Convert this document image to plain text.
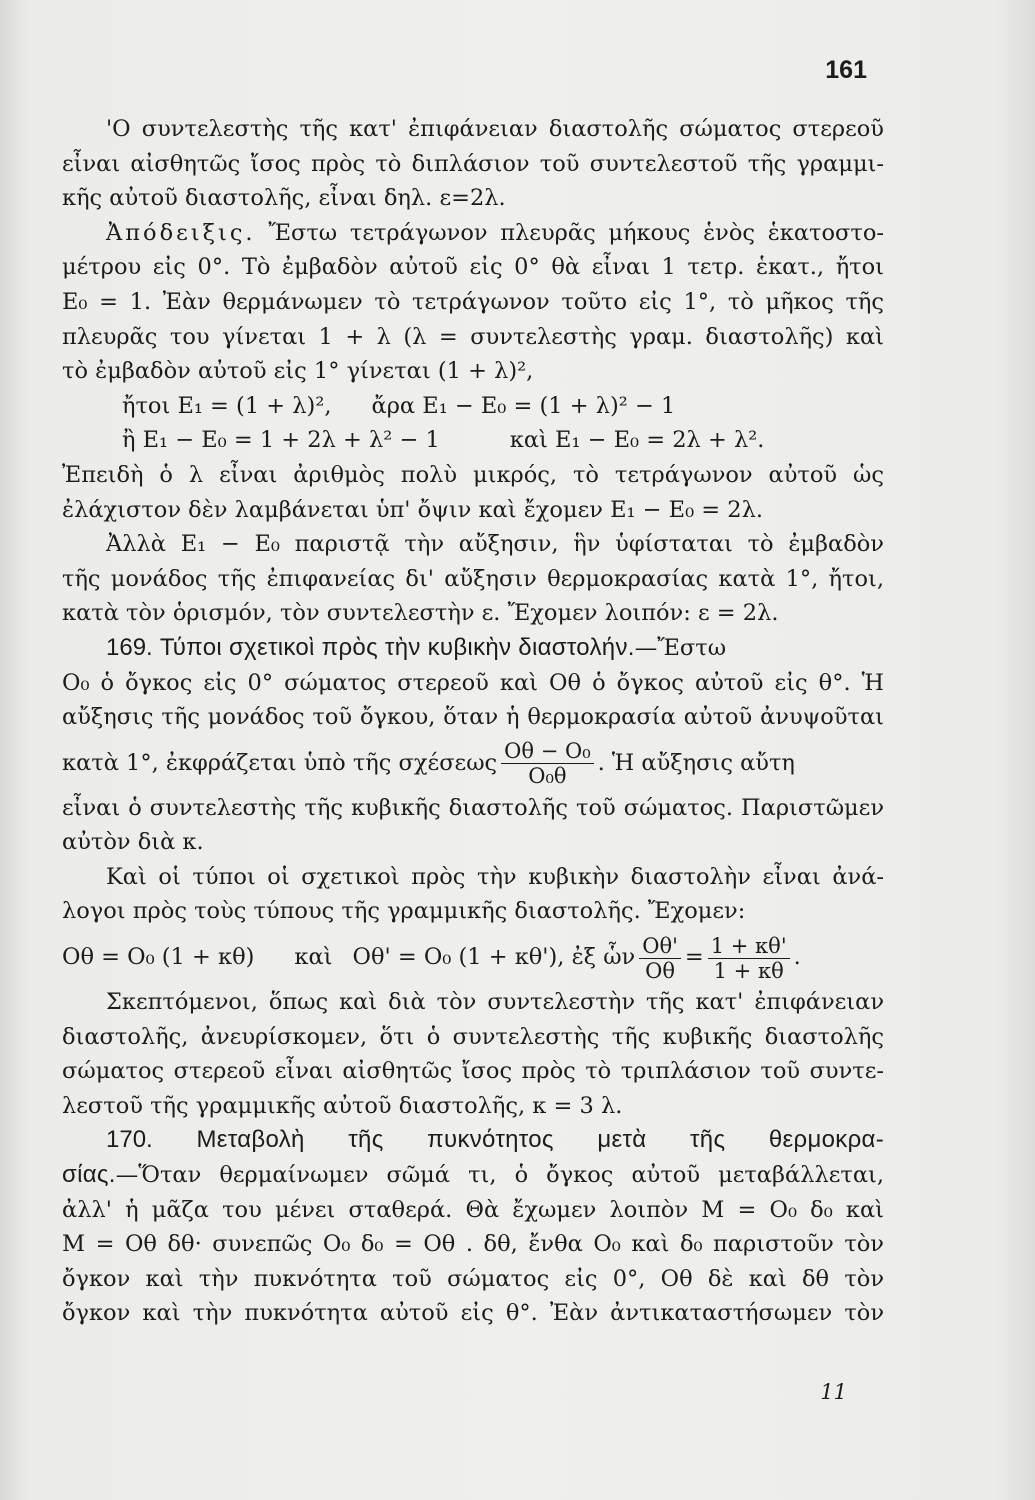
161
'Ο συντελεστὴς τῆς κατ' ἐπιφάνειαν διαστολῆς σώματος στερεοῦ
εἶναι αἰσθητῶς ἴσος πρὸς τὸ διπλάσιον τοῦ συντελεστοῦ τῆς γραμμι-
κῆς αὐτοῦ διαστολῆς, εἶναι δηλ. ε=2λ.
Ἀπόδειξις. Ἔστω τετράγωνον πλευρᾶς μήκους ἑνὸς ἑκατοστο-
μέτρου εἰς 0°. Τὸ ἐμβαδὸν αὐτοῦ εἰς 0° θὰ εἶναι 1 τετρ. ἑκατ., ἤτοι
E₀ = 1. Ἐὰν θερμάνωμεν τὸ τετράγωνον τοῦτο εἰς 1°, τὸ μῆκος τῆς
πλευρᾶς του γίνεται 1 + λ (λ = συντελεστὴς γραμ. διαστολῆς) καὶ
τὸ ἐμβαδὸν αὐτοῦ εἰς 1° γίνεται (1 + λ)²,
ἤτοι E₁ = (1 + λ)², ἄρα E₁ − E₀ = (1 + λ)² − 1
ἢ E₁ − E₀ = 1 + 2λ + λ² − 1	καὶ E₁ − E₀ = 2λ + λ².
Ἐπειδὴ ὁ λ εἶναι ἀριθμὸς πολὺ μικρός, τὸ τετράγωνον αὐτοῦ ὡς
ἐλάχιστον δὲν λαμβάνεται ὑπ' ὄψιν καὶ ἔχομεν E₁ − E₀ = 2λ.
Ἀλλὰ E₁ − E₀ παριστᾷ τὴν αὔξησιν, ἣν ὑφίσταται τὸ ἐμβαδὸν
τῆς μονάδος τῆς ἐπιφανείας δι' αὔξησιν θερμοκρασίας κατὰ 1°, ἤτοι,
κατὰ τὸν ὁρισμόν, τὸν συντελεστὴν ε. Ἔχομεν λοιπόν: ε = 2λ.
169. Τύποι σχετικοὶ πρὸς τὴν κυβικὴν διαστολήν.—Ἔστω
O₀ ὁ ὄγκος εἰς 0° σώματος στερεοῦ καὶ Oθ ὁ ὄγκος αὐτοῦ εἰς θ°. Ἡ
αὔξησις τῆς μονάδος τοῦ ὄγκου, ὅταν ἡ θερμοκρασία αὐτοῦ ἀνυψοῦται
κατὰ 1°, ἐκφράζεται ὑπὸ τῆς σχέσεως $\frac{\text{Oθ − O₀}}{\text{O₀θ}}$ . Ἡ αὔξησις αὔτη
εἶναι ὁ συντελεστὴς τῆς κυβικῆς διαστολῆς τοῦ σώματος. Παριστῶμεν
αὐτὸν διὰ κ.
Καὶ οἱ τύποι οἱ σχετικοὶ πρὸς τὴν κυβικὴν διαστολὴν εἶναι ἀνά-
λογοι πρὸς τοὺς τύπους τῆς γραμμικῆς διαστολῆς. Ἔχομεν:
Oθ = O₀ (1 + κθ) καὶ Oθ' = O₀ (1 + κθ'), ἐξ ὧν $\frac{O\theta'}{O\theta} = \frac{1 + \kappa\theta'}{1 + \kappa\theta}$ .
Σκεπτόμενοι, ὅπως καὶ διὰ τὸν συντελεστὴν τῆς κατ' ἐπιφάνειαν
διαστολῆς, ἀνευρίσκομεν, ὅτι ὁ συντελεστὴς τῆς κυβικῆς διαστολῆς
σώματος στερεοῦ εἶναι αἰσθητῶς ἴσος πρὸς τὸ τριπλάσιον τοῦ συντε-
λεστοῦ τῆς γραμμικῆς αὐτοῦ διαστολῆς, κ = 3 λ.
170. Μεταβολὴ τῆς πυκνότητος μετὰ τῆς θερμοκρα-
σίας.—Ὅταν θερμαίνωμεν σῶμά τι, ὁ ὄγκος αὐτοῦ μεταβάλλεται,
ἀλλ' ἡ μᾶζα του μένει σταθερά. Θὰ ἔχωμεν λοιπὸν M = O₀ δ₀ καὶ
M = Oθ δθ· συνεπῶς O₀ δ₀ = Oθ . δθ, ἔνθα O₀ καὶ δ₀ παριστοῦν τὸν
ὄγκον καὶ τὴν πυκνότητα τοῦ σώματος εἰς 0°, Oθ δὲ καὶ δθ τὸν
ὄγκον καὶ τὴν πυκνότητα αὐτοῦ εἰς θ°. Ἐὰν ἀντικαταστήσωμεν τὸν
11
